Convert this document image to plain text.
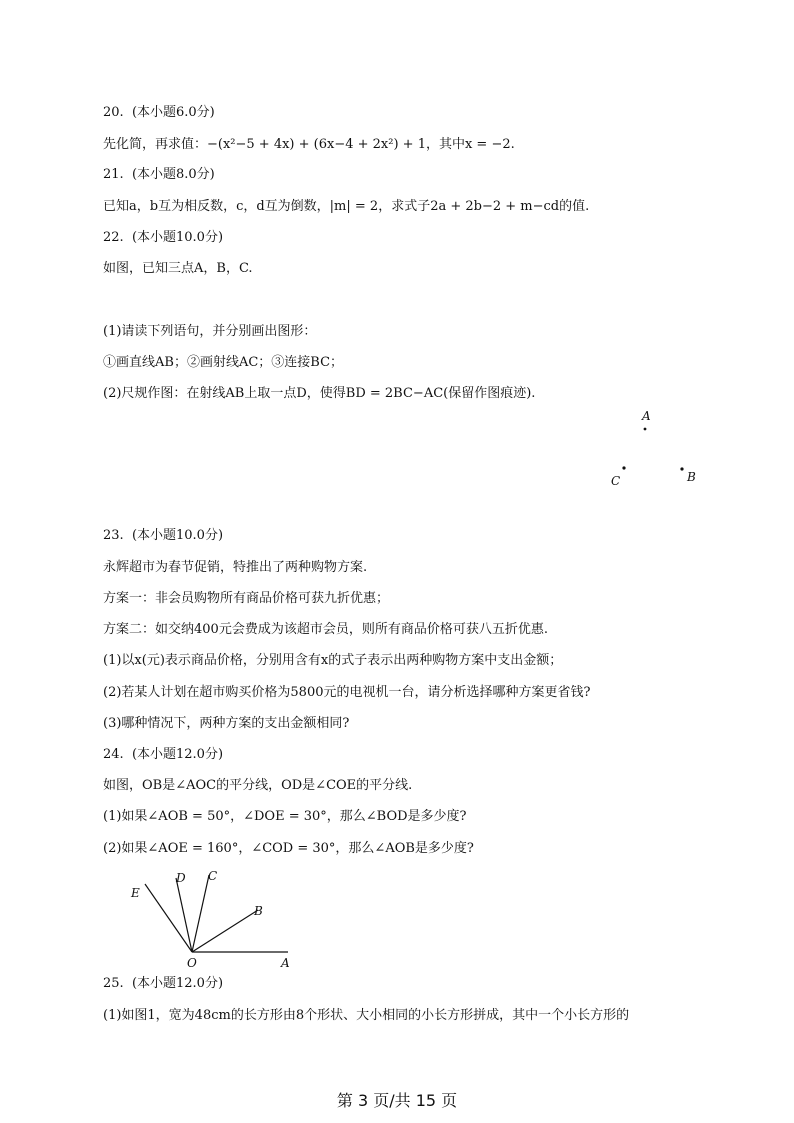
20.  (本小题6.0分)
先化简，再求值：−(x²−5 + 4x) + (6x−4 + 2x²) + 1，其中x = −2.
21.  (本小题8.0分)
已知a，b互为相反数，c，d互为倒数，|m| = 2，求式子2a + 2b−2 + m−cd的值.
22.  (本小题10.0分)
如图，已知三点A，B，C.
(1)请读下列语句，并分别画出图形：
①画直线AB；②画射线AC；③连接BC；
(2)尺规作图：在射线AB上取一点D，使得BD = 2BC−AC(保留作图痕迹).
A
C	B
23.  (本小题10.0分)
永辉超市为春节促销，特推出了两种购物方案.
方案一：非会员购物所有商品价格可获九折优惠；
方案二：如交纳400元会费成为该超市会员，则所有商品价格可获八五折优惠.
(1)以x(元)表示商品价格，分别用含有x的式子表示出两种购物方案中支出金额；
(2)若某人计划在超市购买价格为5800元的电视机一台，请分析选择哪种方案更省钱?
(3)哪种情况下，两种方案的支出金额相同?
24.  (本小题12.0分)
如图，OB是∠AOC的平分线，OD是∠COE的平分线.
(1)如果∠AOB = 50°，∠DOE = 30°，那么∠BOD是多少度?
(2)如果∠AOE = 160°，∠COD = 30°，那么∠AOB是多少度?
E
D C
B
O	A
25.  (本小题12.0分)
(1)如图1，宽为48cm的长方形由8个形状、大小相同的小长方形拼成，其中一个小长方形的
第 3 页/共 15 页
